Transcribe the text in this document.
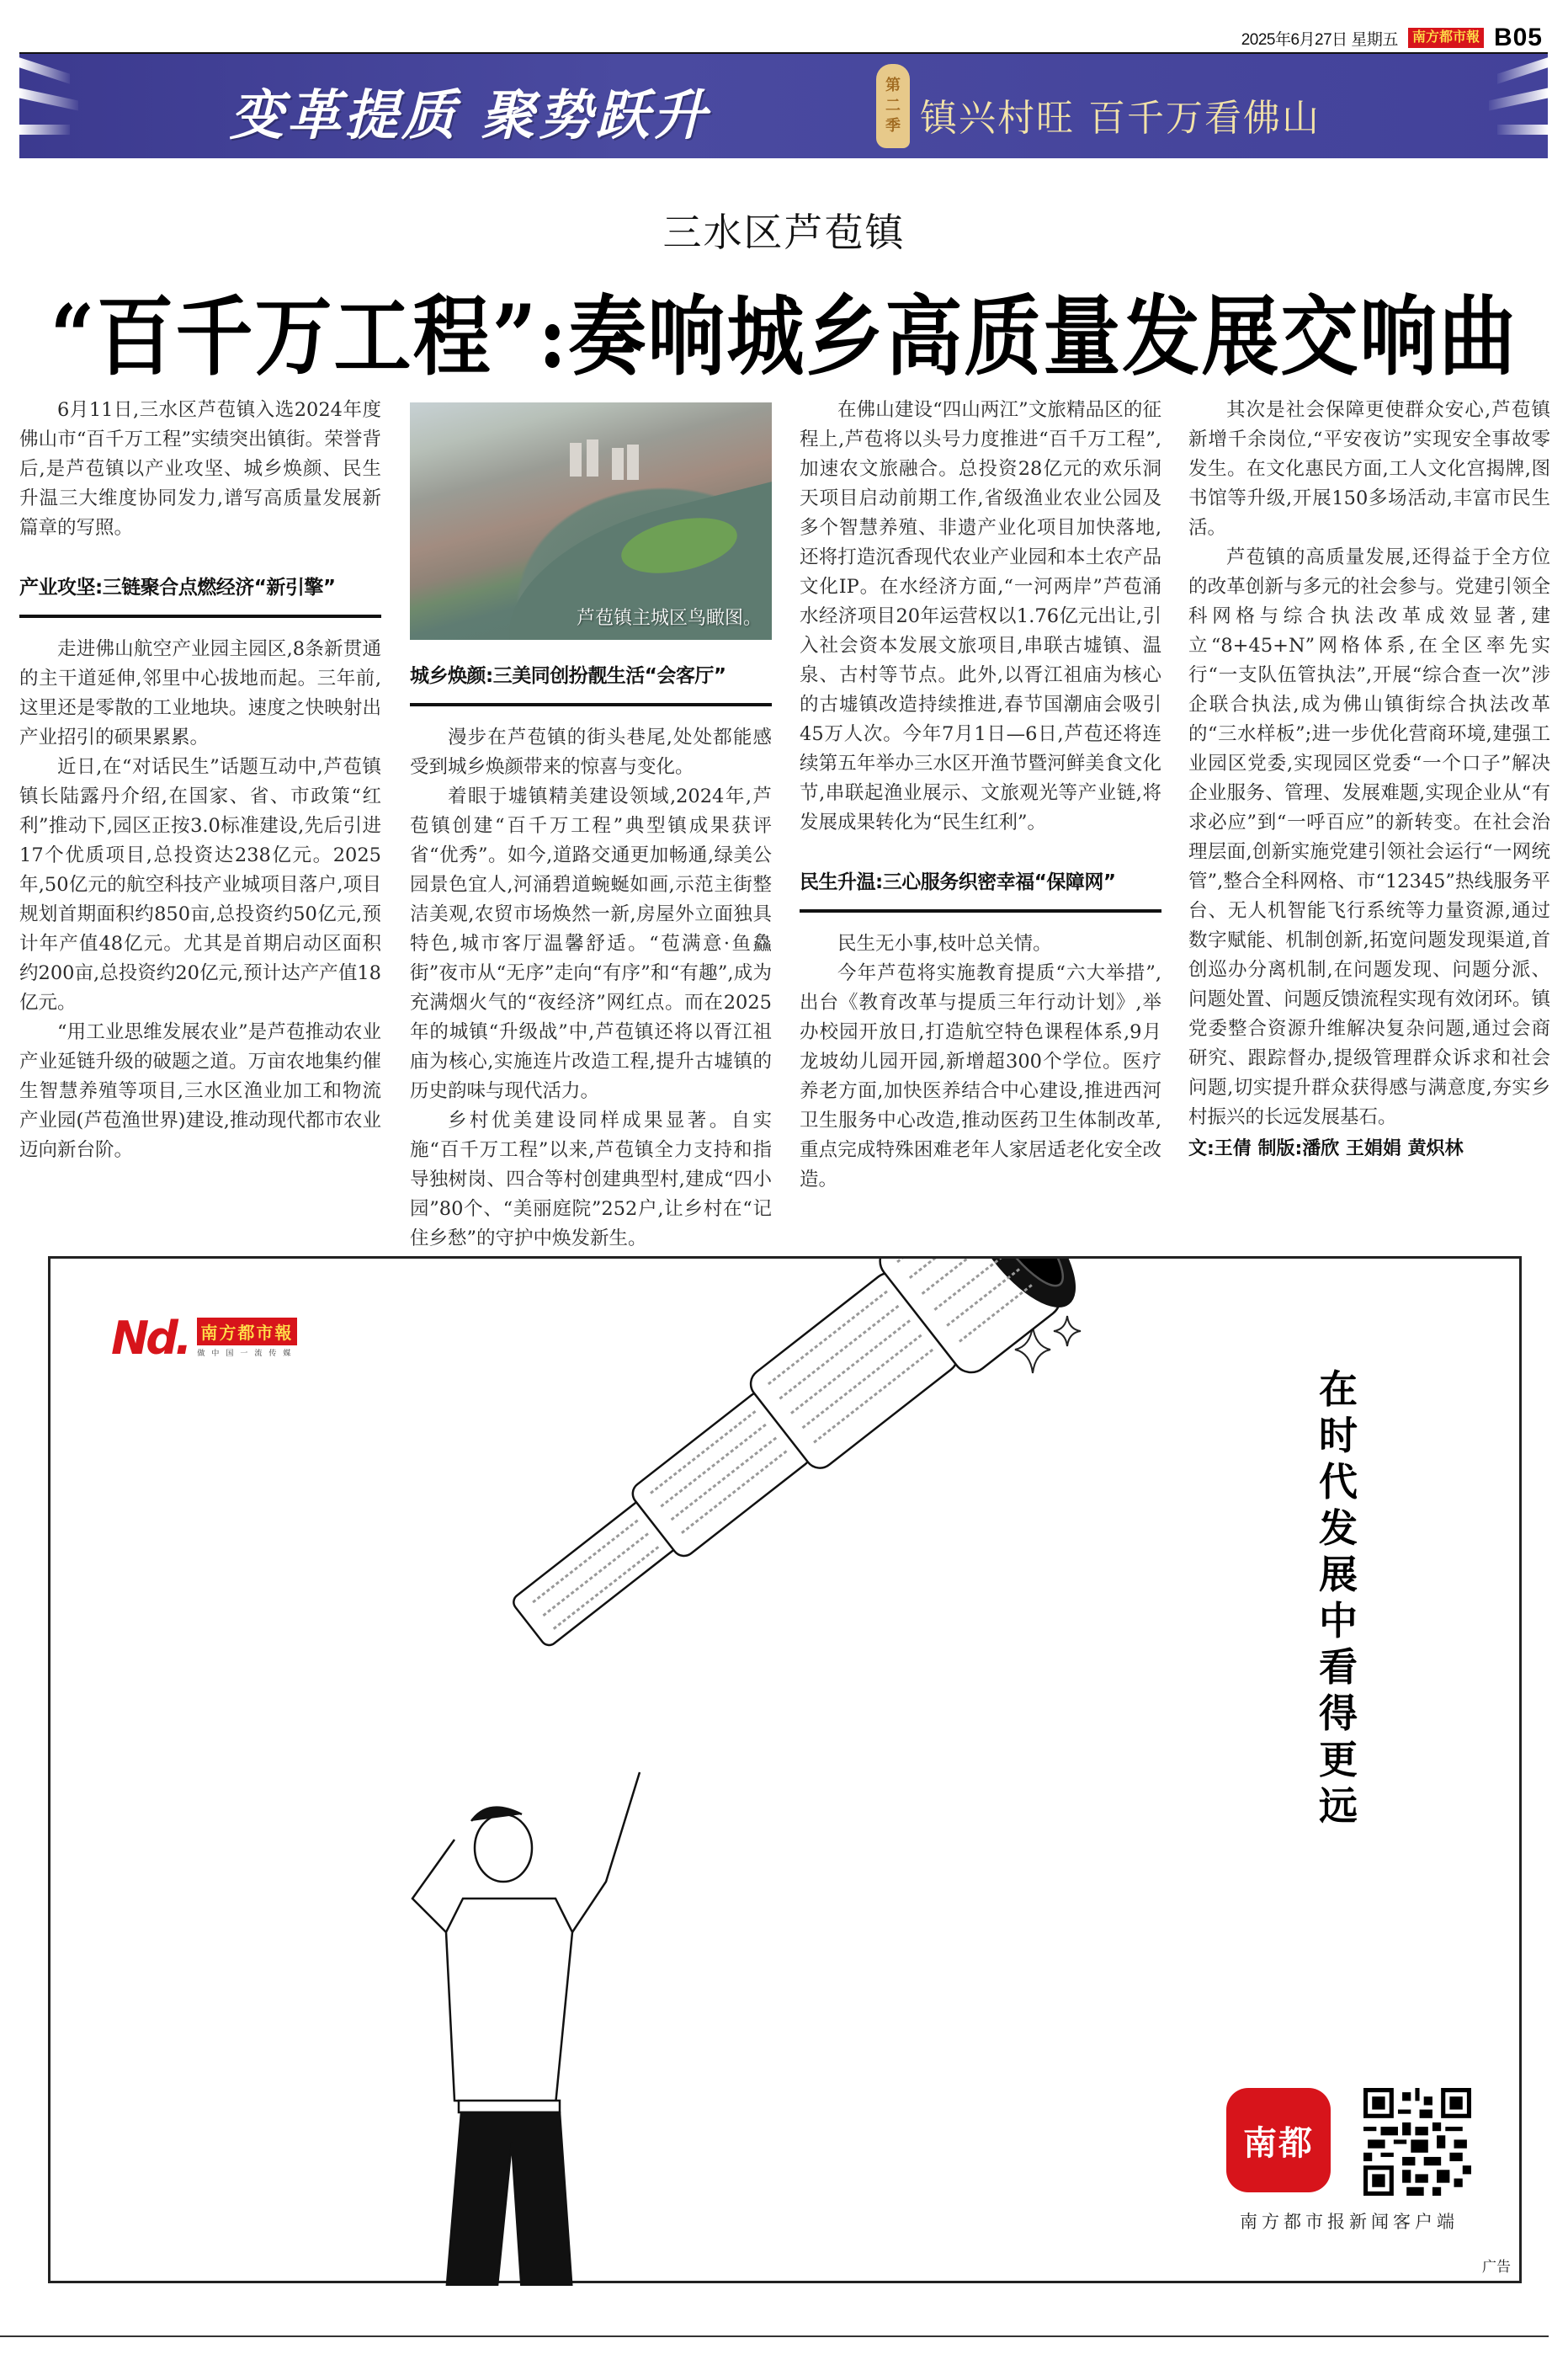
2025年6月27日 星期五	南方都市報 B05
变革提质 聚势跃升	第
二
季 镇兴村旺 百千万看佛山
三水区芦苞镇
“百千万工程”:奏响城乡高质量发展交响曲

6月11日,三水区芦苞镇入选2024年度佛山市“百千万工程”实绩突出镇街。荣誉背后,是芦苞镇以产业攻坚、城乡焕颜、民生升温三大维度协同发力,谱写高质量发展新篇章的写照。

产业攻坚:三链聚合点燃经济“新引擎”

走进佛山航空产业园主园区,8条新贯通的主干道延伸,邻里中心拔地而起。三年前,这里还是零散的工业地块。速度之快映射出产业招引的硕果累累。

近日,在“对话民生”话题互动中,芦苞镇镇长陆露丹介绍,在国家、省、市政策“红利”推动下,园区正按3.0标准建设,先后引进17个优质项目,总投资达238亿元。2025年,50亿元的航空科技产业城项目落户,项目规划首期面积约850亩,总投资约50亿元,预计年产值48亿元。尤其是首期启动区面积约200亩,总投资约20亿元,预计达产产值18亿元。

“用工业思维发展农业”是芦苞推动农业产业延链升级的破题之道。万亩农地集约催生智慧养殖等项目,三水区渔业加工和物流产业园(芦苞渔世界)建设,推动现代都市农业迈向新台阶。

芦苞镇主城区鸟瞰图。
城乡焕颜:三美同创扮靓生活“会客厅”

漫步在芦苞镇的街头巷尾,处处都能感受到城乡焕颜带来的惊喜与变化。

着眼于墟镇精美建设领域,2024年,芦苞镇创建“百千万工程”典型镇成果获评省“优秀”。如今,道路交通更加畅通,绿美公园景色宜人,河涌碧道蜿蜒如画,示范主街整洁美观,农贸市场焕然一新,房屋外立面独具特色,城市客厅温馨舒适。“苞满意·鱼鱻街”夜市从“无序”走向“有序”和“有趣”,成为充满烟火气的“夜经济”网红点。而在2025年的城镇“升级战”中,芦苞镇还将以胥江祖庙为核心,实施连片改造工程,提升古墟镇的历史韵味与现代活力。

乡村优美建设同样成果显著。自实施“百千万工程”以来,芦苞镇全力支持和指导独树岗、四合等村创建典型村,建成“四小园”80个、“美丽庭院”252户,让乡村在“记住乡愁”的守护中焕发新生。

在佛山建设“四山两江”文旅精品区的征程上,芦苞将以头号力度推进“百千万工程”,加速农文旅融合。总投资28亿元的欢乐洞天项目启动前期工作,省级渔业农业公园及多个智慧养殖、非遗产业化项目加快落地,还将打造沉香现代农业产业园和本土农产品文化IP。在水经济方面,“一河两岸”芦苞涌水经济项目20年运营权以1.76亿元出让,引入社会资本发展文旅项目,串联古墟镇、温泉、古村等节点。此外,以胥江祖庙为核心的古墟镇改造持续推进,春节国潮庙会吸引45万人次。今年7月1日—6日,芦苞还将连续第五年举办三水区开渔节暨河鲜美食文化节,串联起渔业展示、文旅观光等产业链,将发展成果转化为“民生红利”。

民生升温:三心服务织密幸福“保障网”

民生无小事,枝叶总关情。

今年芦苞将实施教育提质“六大举措”,出台《教育改革与提质三年行动计划》,举办校园开放日,打造航空特色课程体系,9月龙坡幼儿园开园,新增超300个学位。医疗养老方面,加快医养结合中心建设,推进西河卫生服务中心改造,推动医药卫生体制改革,重点完成特殊困难老年人家居适老化安全改造。

其次是社会保障更使群众安心,芦苞镇新增千余岗位,“平安夜访”实现安全事故零发生。在文化惠民方面,工人文化宫揭牌,图书馆等升级,开展150多场活动,丰富市民生活。

芦苞镇的高质量发展,还得益于全方位的改革创新与多元的社会参与。党建引领全科网格与综合执法改革成效显著,建立“8+45+N”网格体系,在全区率先实行“一支队伍管执法”,开展“综合查一次”涉企联合执法,成为佛山镇街综合执法改革的“三水样板”;进一步优化营商环境,建强工业园区党委,实现园区党委“一个口子”解决企业服务、管理、发展难题,实现企业从“有求必应”到“一呼百应”的新转变。在社会治理层面,创新实施党建引领社会运行“一网统管”,整合全科网格、市“12345”热线服务平台、无人机智能飞行系统等力量资源,通过数字赋能、机制创新,拓宽问题发现渠道,首创巡办分离机制,在问题发现、问题分派、问题处置、问题反馈流程实现有效闭环。镇党委整合资源升维解决复杂问题,通过会商研究、跟踪督办,提级管理群众诉求和社会问题,切实提升群众获得感与满意度,夯实乡村振兴的长远发展基石。

文:王倩 制版:潘欣 王娟娟 黄炽林
Nd. 南方都市報
做中国一流传媒
在时代发展中看得更远
南都
南方都市报新闻客户端
广告
